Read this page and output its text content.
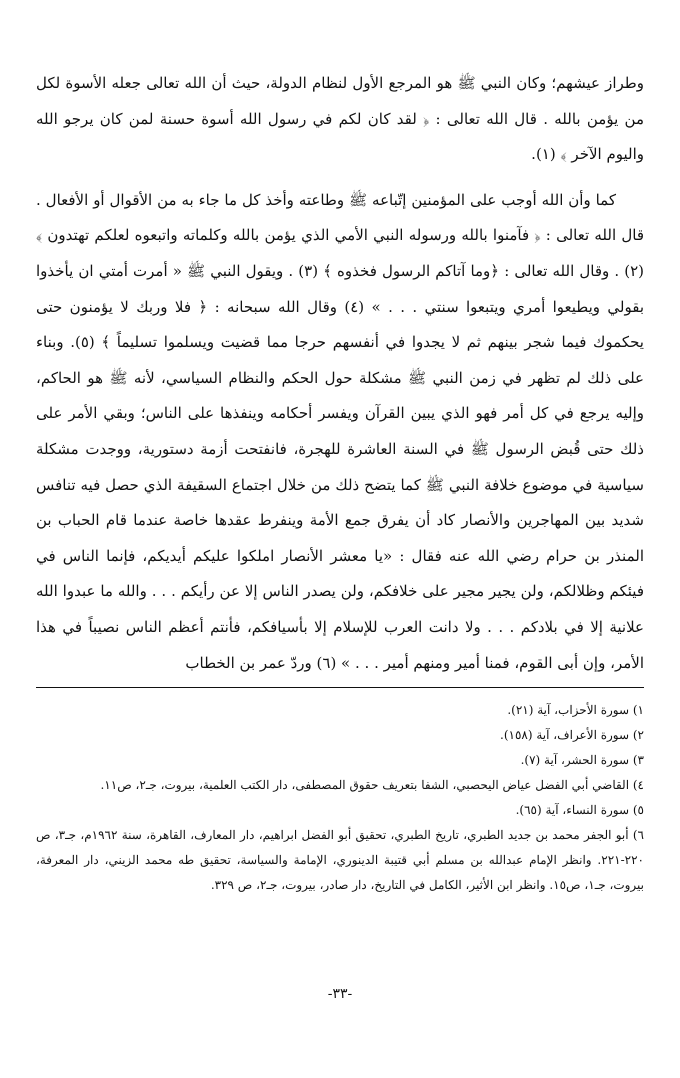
وطراز عيشهم؛ وكان النبي ﷺ هو المرجع الأول لنظام الدولة، حيث أن الله تعالى جعله الأسوة لكل من يؤمن بالله . قال الله تعالى : ﴿ لقد كان لكم في رسول الله أسوة حسنة لمن كان يرجو الله واليوم الآخر ﴾ (١).

كما وأن الله أوجب على المؤمنين إتّباعه ﷺ وطاعته وأخذ كل ما جاء به من الأقوال أو الأفعال . قال الله تعالى : ﴿ فآمنوا بالله ورسوله النبي الأمي الذي يؤمن بالله وكلماته واتبعوه لعلكم تهتدون ﴾ (٢) . وقال الله تعالى : ﴿وما آتاكم الرسول فخذوه ﴾ (٣) . ويقول النبي ﷺ « أمرت أمتي ان يأخذوا بقولي ويطيعوا أمري ويتبعوا سنتي . . . » (٤) وقال الله سبحانه : ﴿ فلا وربك لا يؤمنون حتى يحكموك فيما شجر بينهم ثم لا يجدوا في أنفسهم حرجا مما قضيت ويسلموا تسليماً ﴾ (٥). وبناء على ذلك لم تظهر في زمن النبي ﷺ مشكلة حول الحكم والنظام السياسي، لأنه ﷺ هو الحاكم، وإليه يرجع في كل أمر فهو الذي يبين القرآن ويفسر أحكامه وينفذها على الناس؛ وبقي الأمر على ذلك حتى قُبض الرسول ﷺ في السنة العاشرة للهجرة، فانفتحت أزمة دستورية، ووجدت مشكلة سياسية في موضوع خلافة النبي ﷺ كما يتضح ذلك من خلال اجتماع السقيفة الذي حصل فيه تنافس شديد بين المهاجرين والأنصار كاد أن يفرق جمع الأمة وينفرط عقدها خاصة عندما قام الحباب بن المنذر بن حرام رضي الله عنه فقال : «يا معشر الأنصار املكوا عليكم أيديكم، فإنما الناس في فيئكم وظلالكم، ولن يجير مجير على خلافكم، ولن يصدر الناس إلا عن رأيكم . . . والله ما عبدوا الله علانية إلا في بلادكم . . . ولا دانت العرب للإسلام إلا بأسيافكم، فأنتم أعظم الناس نصيباً في هذا الأمر، وإن أبى القوم، فمنا أمير ومنهم أمير . . . » (٦) وردّ عمر بن الخطاب

١) سورة الأحزاب، آية (٢١).
٢) سورة الأعراف، آية (١٥٨).
٣) سورة الحشر، آية (٧).
٤) القاضي أبي الفضل عياض اليحصبي، الشفا بتعريف حقوق المصطفى، دار الكتب العلمية، بيروت، جـ٢، ص١١.
٥) سورة النساء، آية (٦٥).
٦) أبو الجفر محمد بن جديد الطبري، تاريخ الطبري، تحقيق أبو الفضل ابراهيم، دار المعارف، القاهرة، سنة ١٩٦٢م، جـ٣، ص ٢٢٠-٢٢١. وانظر الإمام عبدالله بن مسلم أبي قتيبة الدينوري، الإمامة والسياسة، تحقيق طه محمد الزيني، دار المعرفة، بيروت، جـ١، ص١٥. وانظر ابن الأثير، الكامل في التاريخ، دار صادر، بيروت، جـ٢، ص ٣٢٩.
-٣٣-
